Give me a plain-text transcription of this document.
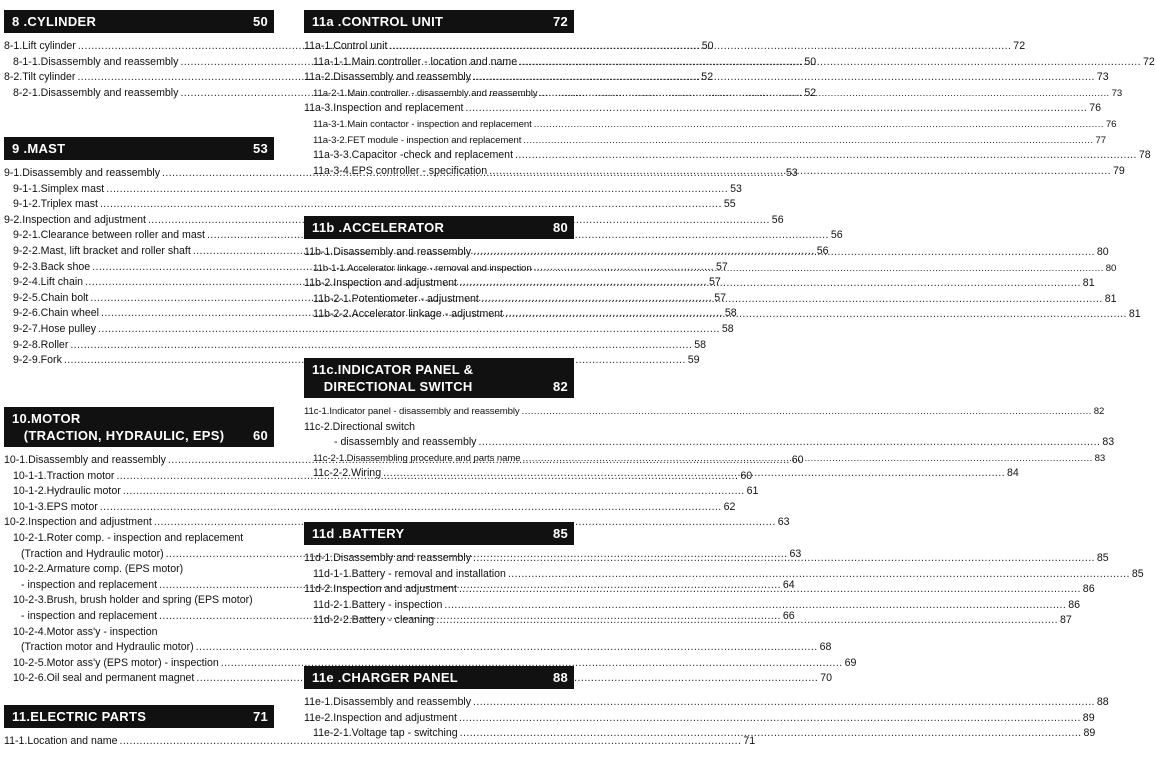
8 .CYLINDER	50
8-1.Lift cylinder .....	50
8-1-1.Disassembly and reassembly .....	50
8-2.Tilt cylinder .....	52
8-2-1.Disassembly and reassembly .....	52
9 .MAST	53
9-1.Disassembly and reassembly .....	53
9-1-1.Simplex mast .....	53
9-1-2.Triplex mast .....	55
9-2.Inspection and adjustment .....	56
9-2-1.Clearance between roller and mast .....	56
9-2-2.Mast, lift bracket and roller shaft .....	56
9-2-3.Back shoe .....	57
9-2-4.Lift chain .....	57
9-2-5.Chain bolt .....	57
9-2-6.Chain wheel .....	58
9-2-7.Hose pulley .....	58
9-2-8.Roller .....	58
9-2-9.Fork .....	59
10.MOTOR
(TRACTION, HYDRAULIC, EPS)	60
10-1.Disassembly and reassembly .....	60
10-1-1.Traction motor .....	60
10-1-2.Hydraulic motor .....	61
10-1-3.EPS motor .....	62
10-2.Inspection and adjustment .....	63
10-2-1.Roter comp. - inspection and replacement
(Traction and Hydraulic motor) .....	63
10-2-2.Armature comp. (EPS motor)
- inspection and replacement .....	64
10-2-3.Brush, brush holder and spring (EPS motor)
- inspection and replacement .....	66
10-2-4.Motor ass'y - inspection
(Traction motor and Hydraulic motor) .....	68
10-2-5.Motor ass'y (EPS motor) - inspection .....	69
10-2-6.Oil seal and permanent magnet .....	70
11.ELECTRIC PARTS	71
11-1.Location and name .....	71
11a .CONTROL UNIT	72
11a-1.Control unit .....	72
11a-1-1.Main controller - location and name .....	72
11a-2.Disassembly and reassembly .....	73
11a-2-1.Main controller - disassembly and reassembly .....	73
11a-3.Inspection and replacement .....	76
11a-3-1.Main contactor - inspection and replacement .....	76
11a-3-2.FET module - inspection and replacement .....	77
11a-3-3.Capacitor -check and replacement .....	78
11a-3-4.EPS controller - specification .....	79
11b .ACCELERATOR	80
11b-1.Disassembly and reassembly .....	80
11b-1-1.Accelerator linkage - removal and inspection .....	80
11b-2.Inspection and adjustment .....	81
11b-2-1.Potentiometer - adjustment .....	81
11b-2-2.Accelerator linkage - adjustment .....	81
11c.INDICATOR PANEL &
DIRECTIONAL SWITCH	82
11c-1.Indicator panel - disassembly and reassembly .....	82
11c-2.Directional switch
- disassembly and reassembly .....	83
11c-2-1.Disassembling procedure and parts name .....	83
11c-2-2.Wiring .....	84
11d .BATTERY	85
11d-1.Disassembly and reassembly .....	85
11d-1-1.Battery - removal and installation .....	85
11d-2.Inspection and adjustment .....	86
11d-2-1.Battery - inspection .....	86
11d-2-2.Battery - cleaning .....	87
11e .CHARGER PANEL	88
11e-1.Disassembly and reassembly .....	88
11e-2.Inspection and adjustment .....	89
11e-2-1.Voltage tap - switching .....	89
